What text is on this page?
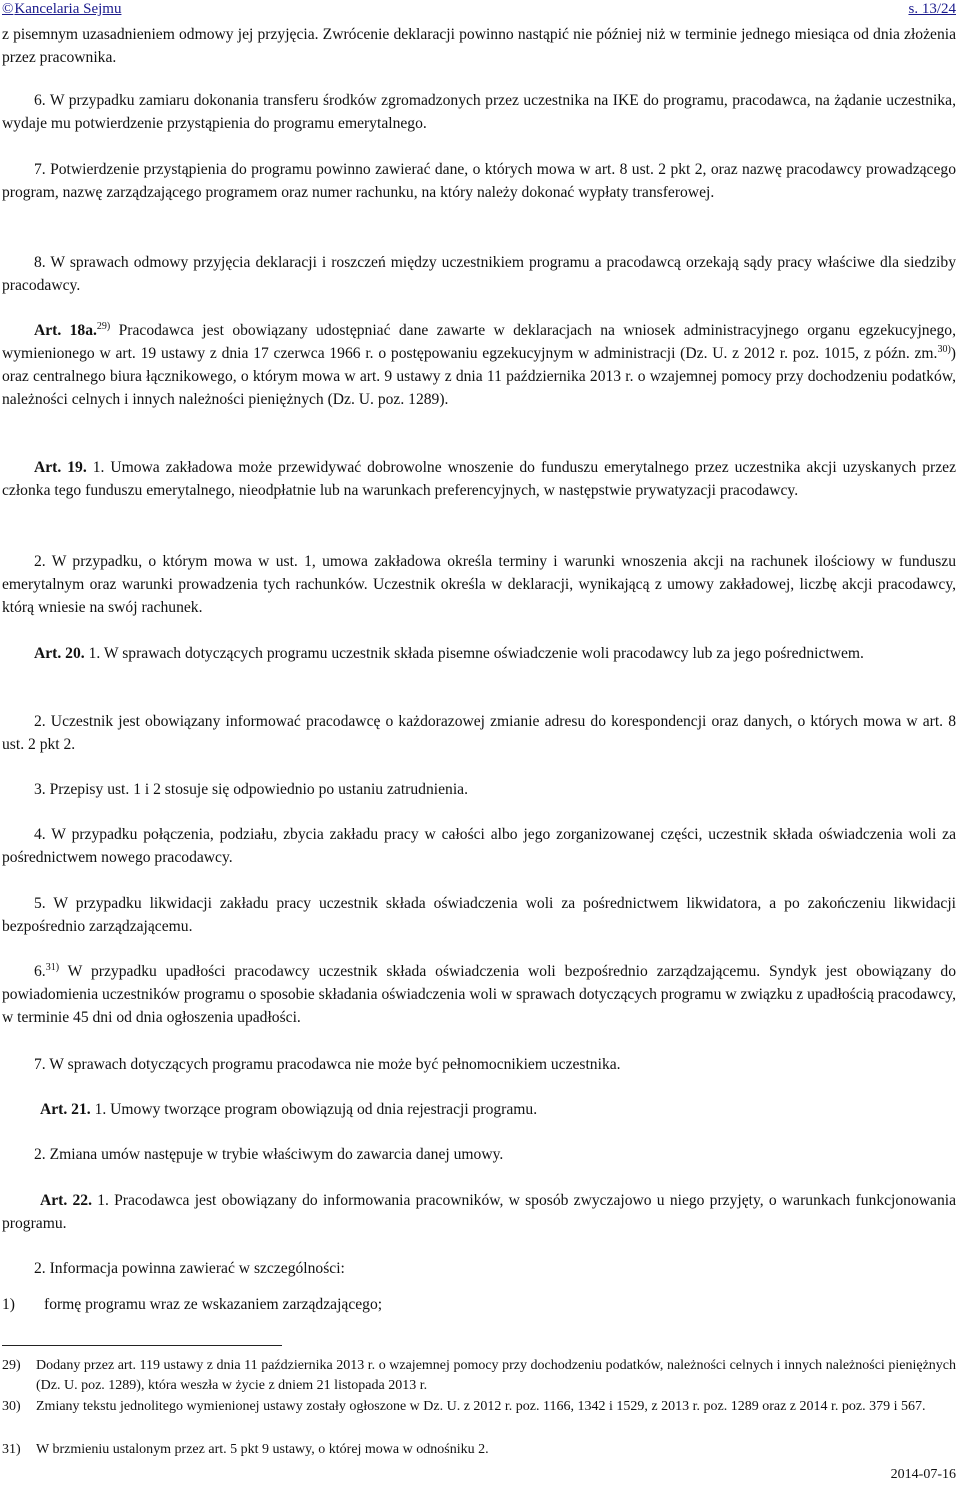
© Kancelaria Sejmu	s. 13/24
z pisemnym uzasadnieniem odmowy jej przyjęcia. Zwrócenie deklaracji powinno nastąpić nie później niż w terminie jednego miesiąca od dnia złożenia przez pracownika.
6. W przypadku zamiaru dokonania transferu środków zgromadzonych przez uczestnika na IKE do programu, pracodawca, na żądanie uczestnika, wydaje mu potwierdzenie przystąpienia do programu emerytalnego.
7. Potwierdzenie przystąpienia do programu powinno zawierać dane, o których mowa w art. 8 ust. 2 pkt 2, oraz nazwę pracodawcy prowadzącego program, nazwę zarządzającego programem oraz numer rachunku, na który należy dokonać wypłaty transferowej.
8. W sprawach odmowy przyjęcia deklaracji i roszczeń między uczestnikiem programu a pracodawcą orzekają sądy pracy właściwe dla siedziby pracodawcy.
Art. 18a.$^{29)}$ Pracodawca jest obowiązany udostępniać dane zawarte w deklaracjach na wniosek administracyjnego organu egzekucyjnego, wymienionego w art. 19 ustawy z dnia 17 czerwca 1966 r. o postępowaniu egzekucyjnym w administracji (Dz. U. z 2012 r. poz. 1015, z późn. zm.$^{30)}$) oraz centralnego biura łącznikowego, o którym mowa w art. 9 ustawy z dnia 11 października 2013 r. o wzajemnej pomocy przy dochodzeniu podatków, należności celnych i innych należności pieniężnych (Dz. U. poz. 1289).
Art. 19. 1. Umowa zakładowa może przewidywać dobrowolne wnoszenie do funduszu emerytalnego przez uczestnika akcji uzyskanych przez członka tego funduszu emerytalnego, nieodpłatnie lub na warunkach preferencyjnych, w następstwie prywatyzacji pracodawcy.
2. W przypadku, o którym mowa w ust. 1, umowa zakładowa określa terminy i warunki wnoszenia akcji na rachunek ilościowy w funduszu emerytalnym oraz warunki prowadzenia tych rachunków. Uczestnik określa w deklaracji, wynikającą z umowy zakładowej, liczbę akcji pracodawcy, którą wniesie na swój rachunek.
Art. 20. 1. W sprawach dotyczących programu uczestnik składa pisemne oświadczenie woli pracodawcy lub za jego pośrednictwem.
2. Uczestnik jest obowiązany informować pracodawcę o każdorazowej zmianie adresu do korespondencji oraz danych, o których mowa w art. 8 ust. 2 pkt 2.
3. Przepisy ust. 1 i 2 stosuje się odpowiednio po ustaniu zatrudnienia.
4. W przypadku połączenia, podziału, zbycia zakładu pracy w całości albo jego zorganizowanej części, uczestnik składa oświadczenia woli za pośrednictwem nowego pracodawcy.
5. W przypadku likwidacji zakładu pracy uczestnik składa oświadczenia woli za pośrednictwem likwidatora, a po zakończeniu likwidacji bezpośrednio zarządzającemu.
6.$^{31)}$ W przypadku upadłości pracodawcy uczestnik składa oświadczenia woli bezpośrednio zarządzającemu. Syndyk jest obowiązany do powiadomienia uczestników programu o sposobie składania oświadczenia woli w sprawach dotyczących programu w związku z upadłością pracodawcy, w terminie 45 dni od dnia ogłoszenia upadłości.
7. W sprawach dotyczących programu pracodawca nie może być pełnomocnikiem uczestnika.
Art. 21. 1. Umowy tworzące program obowiązują od dnia rejestracji programu.
2. Zmiana umów następuje w trybie właściwym do zawarcia danej umowy.
Art. 22. 1. Pracodawca jest obowiązany do informowania pracowników, w sposób zwyczajowo u niego przyjęty, o warunkach funkcjonowania programu.
2. Informacja powinna zawierać w szczególności:
1)	formę programu wraz ze wskazaniem zarządzającego;
29)	Dodany przez art. 119 ustawy z dnia 11 października 2013 r. o wzajemnej pomocy przy dochodzeniu podatków, należności celnych i innych należności pieniężnych (Dz. U. poz. 1289), która weszła w życie z dniem 21 listopada 2013 r.
30)	Zmiany tekstu jednolitego wymienionej ustawy zostały ogłoszone w Dz. U. z 2012 r. poz. 1166, 1342 i 1529, z 2013 r. poz. 1289 oraz z 2014 r. poz. 379 i 567.
31)	W brzmieniu ustalonym przez art. 5 pkt 9 ustawy, o której mowa w odnośniku 2.
2014-07-16
